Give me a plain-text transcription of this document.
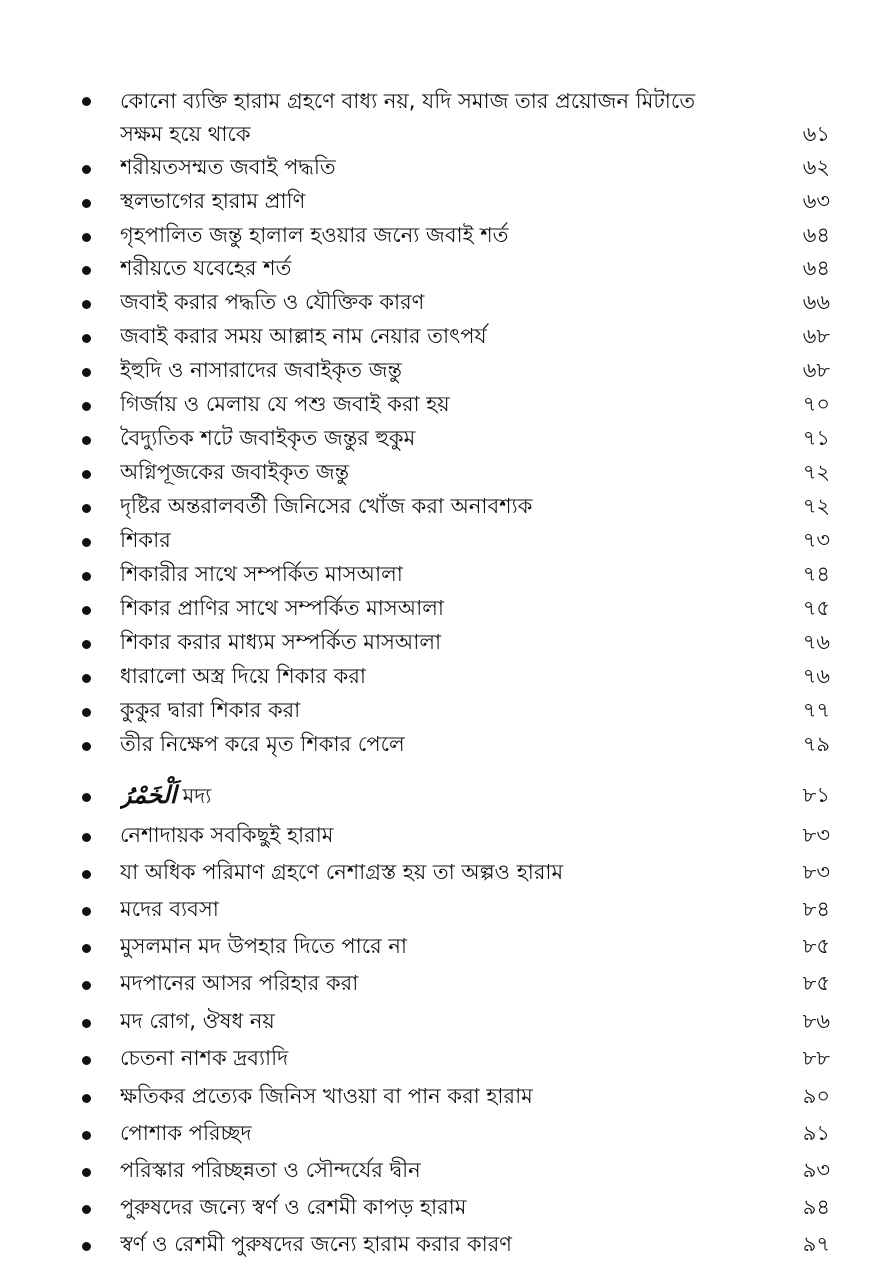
কোনো ব্যক্তি হারাম গ্রহণে বাধ্য নয়, যদি সমাজ তার প্রয়োজন মিটাতে
সক্ষম হয়ে থাকে	৬১
শরীয়তসম্মত জবাই পদ্ধতি	৬২
স্থলভাগের হারাম প্রাণি	৬৩
গৃহপালিত জন্তু হালাল হওয়ার জন্যে জবাই শর্ত	৬৪
শরীয়তে যবেহের শর্ত	৬৪
জবাই করার পদ্ধতি ও যৌক্তিক কারণ	৬৬
জবাই করার সময় আল্লাহ নাম নেয়ার তাৎপর্য	৬৮
ইহুদি ও নাসারাদের জবাইকৃত জন্তু	৬৮
গির্জায় ও মেলায় যে পশু জবাই করা হয়	৭০
বৈদ্যুতিক শটে জবাইকৃত জন্তুর হুকুম	৭১
অগ্নিপূজকের জবাইকৃত জন্তু	৭২
দৃষ্টির অন্তরালবর্তী জিনিসের খোঁজ করা অনাবশ্যক	৭২
শিকার	৭৩
শিকারীর সাথে সম্পর্কিত মাসআলা	৭৪
শিকার প্রাণির সাথে সম্পর্কিত মাসআলা	৭৫
শিকার করার মাধ্যম সম্পর্কিত মাসআলা	৭৬
ধারালো অস্ত্র দিয়ে শিকার করা	৭৬
কুকুর দ্বারা শিকার করা	৭৭
তীর নিক্ষেপ করে মৃত শিকার পেলে	৭৯
اَلْخَمْرُ মদ্য	৮১
নেশাদায়ক সবকিছুই হারাম	৮৩
যা অধিক পরিমাণ গ্রহণে নেশাগ্রস্ত হয় তা অল্পও হারাম	৮৩
মদের ব্যবসা	৮৪
মুসলমান মদ উপহার দিতে পারে না	৮৫
মদপানের আসর পরিহার করা	৮৫
মদ রোগ, ঔষধ নয়	৮৬
চেতনা নাশক দ্রব্যাদি	৮৮
ক্ষতিকর প্রত্যেক জিনিস খাওয়া বা পান করা হারাম	৯০
পোশাক পরিচ্ছদ	৯১
পরিস্কার পরিচ্ছন্নতা ও সৌন্দর্যের দ্বীন	৯৩
পুরুষদের জন্যে স্বর্ণ ও রেশমী কাপড় হারাম	৯৪
স্বর্ণ ও রেশমী পুরুষদের জন্যে হারাম করার কারণ	৯৭
